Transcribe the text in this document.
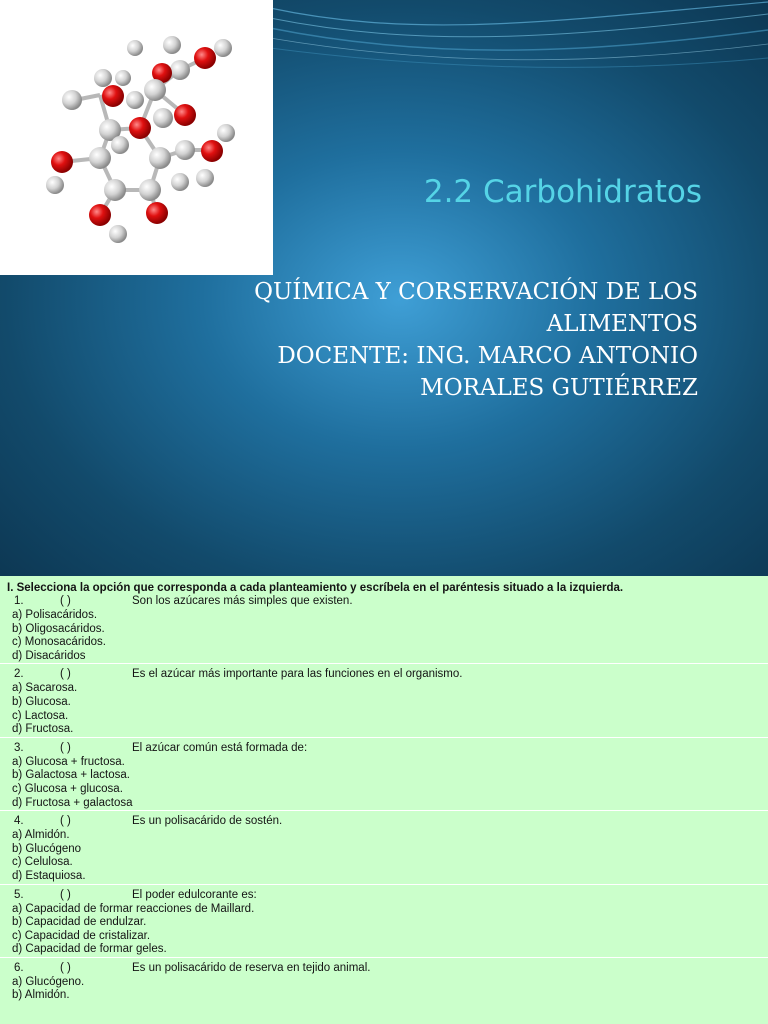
2.2 Carbohidratos
QUÍMICA Y CORSERVACIÓN DE LOS
ALIMENTOS
DOCENTE: ING. MARCO ANTONIO
MORALES GUTIÉRREZ
I. Selecciona la opción que corresponda a cada planteamiento y escríbela en el paréntesis situado a la izquierda.
1.	( )	Son los azúcares más simples que existen.
a) Polisacáridos.
b) Oligosacáridos.
c) Monosacáridos.
d) Disacáridos
2.	( )	Es el azúcar más importante para las funciones en el organismo.
a) Sacarosa.
b) Glucosa.
c) Lactosa.
d) Fructosa.
3.	( )	El azúcar común está formada de:
a) Glucosa + fructosa.
b) Galactosa + lactosa.
c) Glucosa + glucosa.
d) Fructosa + galactosa
4.	( )	Es un polisacárido de sostén.
a) Almidón.
b) Glucógeno
c) Celulosa.
d) Estaquiosa.
5.	( )	El poder edulcorante es:
a) Capacidad de formar reacciones de Maillard.
b) Capacidad de endulzar.
c) Capacidad de cristalizar.
d) Capacidad de formar geles.
6.	( )	Es un polisacárido de reserva en tejido animal.
a) Glucógeno.
b) Almidón.
